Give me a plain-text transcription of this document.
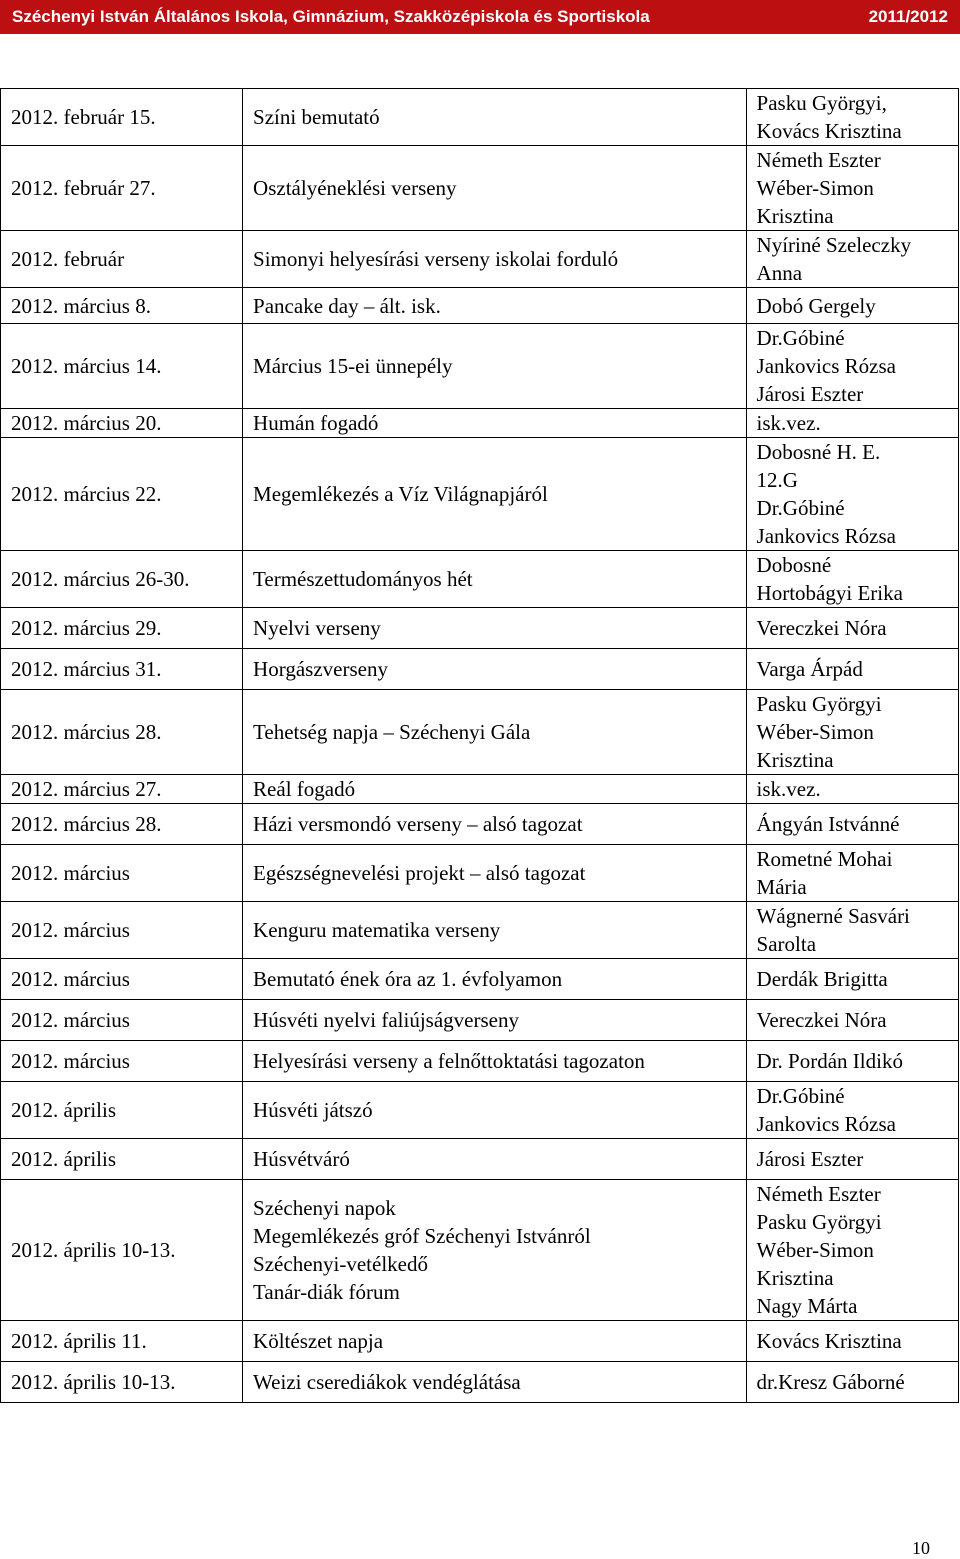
Széchenyi István Általános Iskola, Gimnázium, Szakközépiskola és Sportiskola	2011/2012
2012. február 15.	Színi bemutató	Pasku Györgyi,
Kovács Krisztina

2012. február 27.	Osztályéneklési verseny	Németh Eszter
Wéber-Simon
Krisztina

2012. február	Simonyi helyesírási verseny iskolai forduló	Nyíriné Szeleczky
Anna

2012. március 8.	Pancake day – ált. isk.	Dobó Gergely

2012. március 14.	Március 15-ei ünnepély	Dr.Góbiné
Jankovics Rózsa
Járosi Eszter

2012. március 20.	Humán fogadó	isk.vez.

2012. március 22.	Megemlékezés a Víz Világnapjáról	Dobosné H. E.
12.G
Dr.Góbiné
Jankovics Rózsa

2012. március 26-30.	Természettudományos hét	Dobosné
Hortobágyi Erika

2012. március 29.	Nyelvi verseny	Vereczkei Nóra

2012. március 31.	Horgászverseny	Varga Árpád

2012. március 28.	Tehetség napja – Széchenyi Gála	Pasku Györgyi
Wéber-Simon
Krisztina

2012. március 27.	Reál fogadó	isk.vez.

2012. március 28.	Házi versmondó verseny – alsó tagozat	Ángyán Istvánné

2012. március	Egészségnevelési projekt – alsó tagozat	Rometné Mohai
Mária

2012. március	Kenguru matematika verseny	Wágnerné Sasvári
Sarolta

2012. március	Bemutató ének óra az 1. évfolyamon	Derdák Brigitta

2012. március	Húsvéti nyelvi faliújságverseny	Vereczkei Nóra

2012. március	Helyesírási verseny a felnőttoktatási tagozaton	Dr. Pordán Ildikó

2012. április	Húsvéti játszó	Dr.Góbiné
Jankovics Rózsa

2012. április	Húsvétváró	Járosi Eszter

2012. április 10-13.	Széchenyi napok
Megemlékezés gróf Széchenyi Istvánról
Széchenyi-vetélkedő
Tanár-diák fórum	Németh Eszter
Pasku Györgyi
Wéber-Simon
Krisztina
Nagy Márta

2012. április 11.	Költészet napja	Kovács Krisztina

2012. április 10-13.	Weizi cserediákok vendéglátása	dr.Kresz Gáborné
10
